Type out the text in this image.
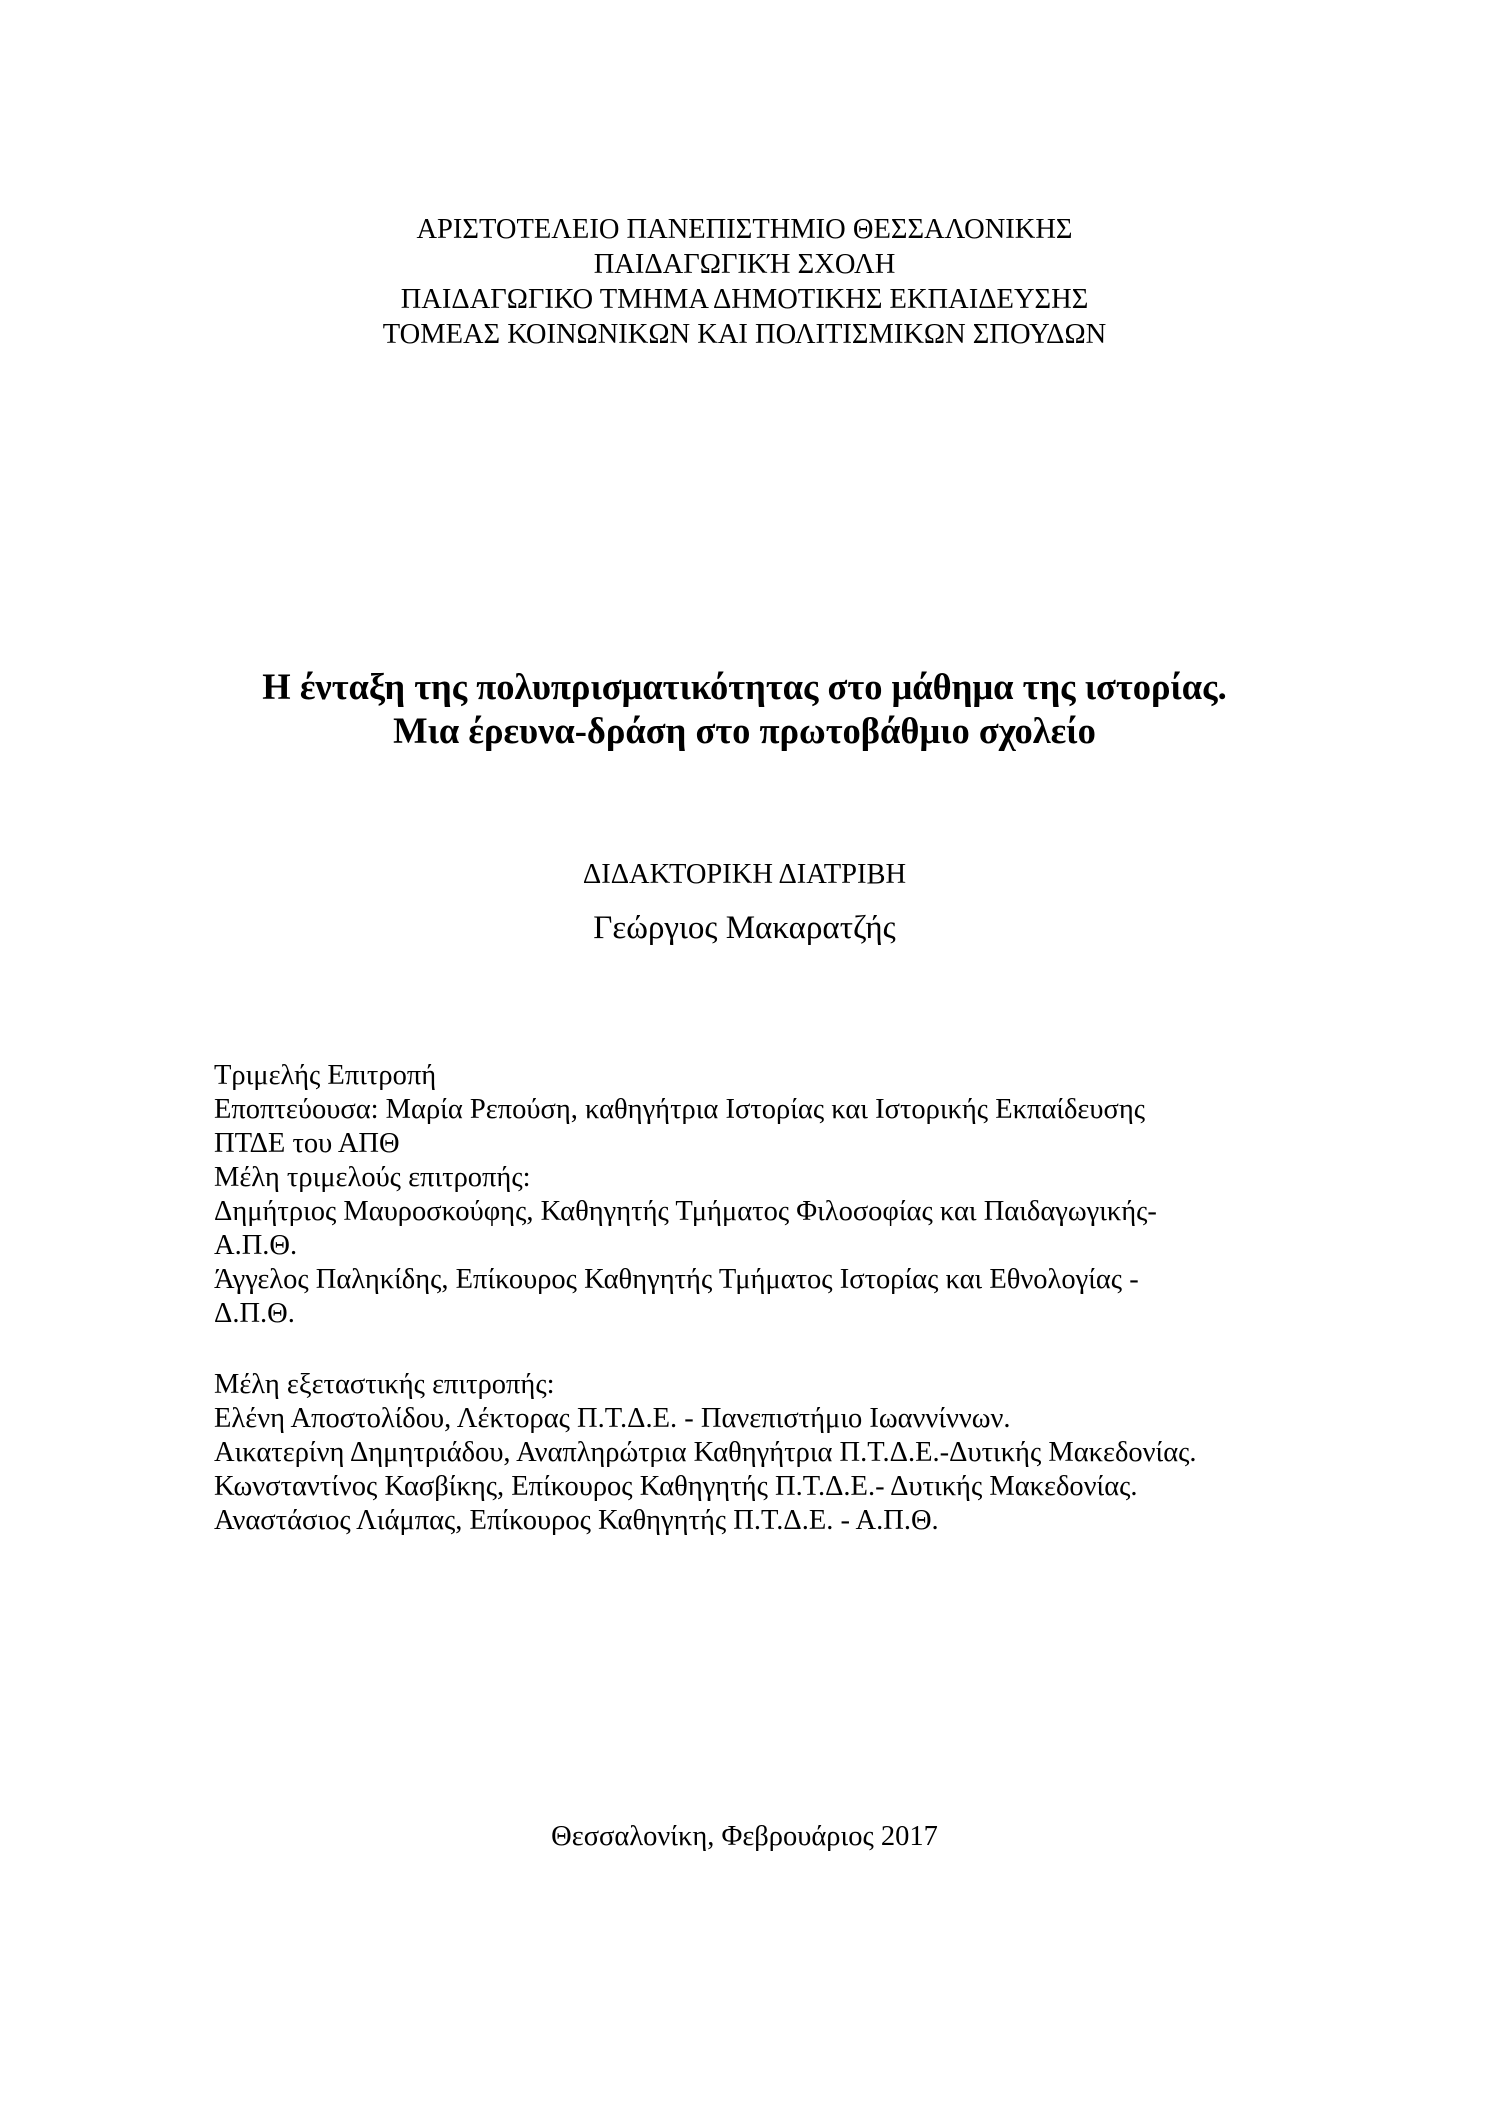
ΑΡΙΣΤΟΤΕΛΕΙΟ ΠΑΝΕΠΙΣΤΗΜΙΟ ΘΕΣΣΑΛΟΝΙΚΗΣ
ΠΑΙΔΑΓΩΓΙΚΉ ΣΧΟΛΗ
ΠΑΙΔΑΓΩΓΙΚΟ ΤΜΗΜΑ ΔΗΜΟΤΙΚΗΣ ΕΚΠΑΙΔΕΥΣΗΣ
ΤΟΜΕΑΣ ΚΟΙΝΩΝΙΚΩΝ ΚΑΙ ΠΟΛΙΤΙΣΜΙΚΩΝ ΣΠΟΥΔΩΝ
Η ένταξη της πολυπρισματικότητας στο μάθημα της ιστορίας.
Μια έρευνα-δράση στο πρωτοβάθμιο σχολείο
ΔΙΔΑΚΤΟΡΙΚΗ ΔΙΑΤΡΙΒΗ
Γεώργιος Μακαρατζής
Τριμελής Επιτροπή
Εποπτεύουσα: Μαρία Ρεπούση, καθηγήτρια Ιστορίας και Ιστορικής Εκπαίδευσης
ΠΤΔΕ του ΑΠΘ
Μέλη τριμελούς επιτροπής:
Δημήτριος Μαυροσκούφης, Καθηγητής Τμήματος Φιλοσοφίας και Παιδαγωγικής-
Α.Π.Θ.
Άγγελος Παληκίδης, Επίκουρος Καθηγητής Τμήματος Ιστορίας και Εθνολογίας -
Δ.Π.Θ.
Μέλη εξεταστικής επιτροπής:
Ελένη Αποστολίδου, Λέκτορας Π.Τ.Δ.Ε. - Πανεπιστήμιο Ιωαννίννων.
Αικατερίνη Δημητριάδου, Αναπληρώτρια Καθηγήτρια Π.Τ.Δ.Ε.-Δυτικής Μακεδονίας.
Κωνσταντίνος Κασβίκης, Επίκουρος Καθηγητής Π.Τ.Δ.Ε.- Δυτικής Μακεδονίας.
Αναστάσιος Λιάμπας, Επίκουρος Καθηγητής Π.Τ.Δ.Ε. - Α.Π.Θ.
Θεσσαλονίκη, Φεβρουάριος 2017
